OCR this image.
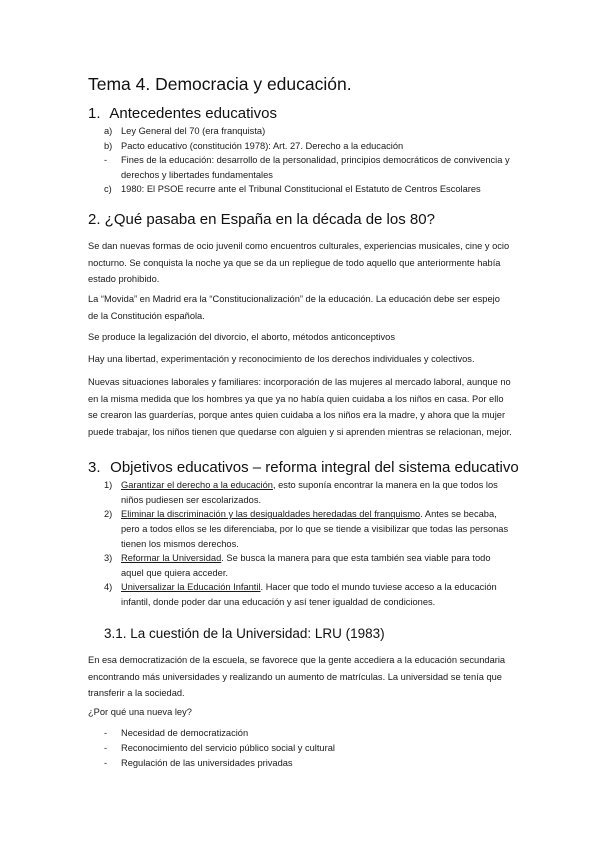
Tema 4. Democracia y educación.
1. Antecedentes educativos
a) Ley General del 70 (era franquista)
b) Pacto educativo (constitución 1978): Art. 27. Derecho a la educación
- Fines de la educación: desarrollo de la personalidad, principios democráticos de convivencia y derechos y libertades fundamentales
c) 1980: El PSOE recurre ante el Tribunal Constitucional el Estatuto de Centros Escolares
2. ¿Qué pasaba en España en la década de los 80?

Se dan nuevas formas de ocio juvenil como encuentros culturales, experiencias musicales, cine y ocio nocturno. Se conquista la noche ya que se da un repliegue de todo aquello que anteriormente había estado prohibido.

La “Movida” en Madrid era la “Constitucionalización” de la educación. La educación debe ser espejo de la Constitución española.

Se produce la legalización del divorcio, el aborto, métodos anticonceptivos

Hay una libertad, experimentación y reconocimiento de los derechos individuales y colectivos.

Nuevas situaciones laborales y familiares: incorporación de las mujeres al mercado laboral, aunque no en la misma medida que los hombres ya que ya no había quien cuidaba a los niños en casa. Por ello se crearon las guarderías, porque antes quien cuidaba a los niños era la madre, y ahora que la mujer puede trabajar, los niños tienen que quedarse con alguien y si aprenden mientras se relacionan, mejor.

3. Objetivos educativos – reforma integral del sistema educativo
1) Garantizar el derecho a la educación, esto suponía encontrar la manera en la que todos los niños pudiesen ser escolarizados.
2) Eliminar la discriminación y las desigualdades heredadas del franquismo. Antes se becaba, pero a todos ellos se les diferenciaba, por lo que se tiende a visibilizar que todas las personas tienen los mismos derechos.
3) Reformar la Universidad. Se busca la manera para que esta también sea viable para todo aquel que quiera acceder.
4) Universalizar la Educación Infantil. Hacer que todo el mundo tuviese acceso a la educación infantil, donde poder dar una educación y así tener igualdad de condiciones.
3.1. La cuestión de la Universidad: LRU (1983)

En esa democratización de la escuela, se favorece que la gente accediera a la educación secundaria encontrando más universidades y realizando un aumento de matrículas. La universidad se tenía que transferir a la sociedad.

¿Por qué una nueva ley?

- Necesidad de democratización
- Reconocimiento del servicio público social y cultural
- Regulación de las universidades privadas
